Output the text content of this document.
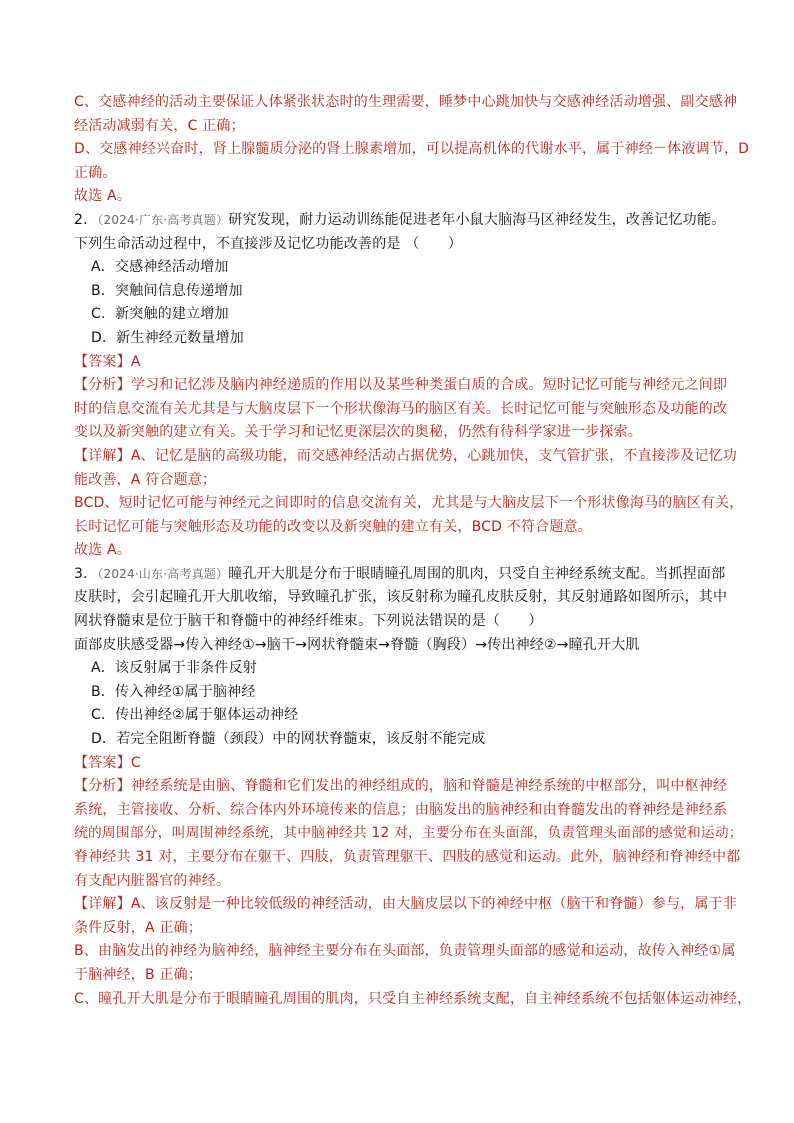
C、交感神经的活动主要保证人体紧张状态时的生理需要，睡梦中心跳加快与交感神经活动增强、副交感神
经活动减弱有关，C 正确；
D、交感神经兴奋时，肾上腺髓质分泌的肾上腺素增加，可以提高机体的代谢水平，属于神经－体液调节，D
正确。
故选 A。
2．（2024·广东·高考真题）研究发现，耐力运动训练能促进老年小鼠大脑海马区神经发生，改善记忆功能。
下列生命活动过程中，不直接涉及记忆功能改善的是 （　　）
A．交感神经活动增加
B．突触间信息传递增加
C．新突触的建立增加
D．新生神经元数量增加
【答案】A
【分析】学习和记忆涉及脑内神经递质的作用以及某些种类蛋白质的合成。短时记忆可能与神经元之间即
时的信息交流有关尤其是与大脑皮层下一个形状像海马的脑区有关。长时记忆可能与突触形态及功能的改
变以及新突触的建立有关。关于学习和记忆更深层次的奥秘，仍然有待科学家进一步探索。
【详解】A、记忆是脑的高级功能，而交感神经活动占据优势，心跳加快，支气管扩张，不直接涉及记忆功
能改善，A 符合题意；
BCD、短时记忆可能与神经元之间即时的信息交流有关，尤其是与大脑皮层下一个形状像海马的脑区有关，
长时记忆可能与突触形态及功能的改变以及新突触的建立有关，BCD 不符合题意。
故选 A。
3．（2024·山东·高考真题）瞳孔开大肌是分布于眼睛瞳孔周围的肌肉，只受自主神经系统支配。当抓捏面部
皮肤时，会引起瞳孔开大肌收缩，导致瞳孔扩张，该反射称为瞳孔皮肤反射，其反射通路如图所示，其中
网状脊髓束是位于脑干和脊髓中的神经纤维束。下列说法错误的是（　　）
面部皮肤感受器→传入神经①→脑干→网状脊髓束→脊髓（胸段）→传出神经②→瞳孔开大肌
A．该反射属于非条件反射
B．传入神经①属于脑神经
C．传出神经②属于躯体运动神经
D．若完全阻断脊髓（颈段）中的网状脊髓束，该反射不能完成
【答案】C
【分析】神经系统是由脑、脊髓和它们发出的神经组成的，脑和脊髓是神经系统的中枢部分，叫中枢神经
系统，主管接收、分析、综合体内外环境传来的信息；由脑发出的脑神经和由脊髓发出的脊神经是神经系
统的周围部分，叫周围神经系统，其中脑神经共 12 对，主要分布在头面部，负责管理头面部的感觉和运动；
脊神经共 31 对，主要分布在躯干、四肢，负责管理躯干、四肢的感觉和运动。此外，脑神经和脊神经中都
有支配内脏器官的神经。
【详解】A、该反射是一种比较低级的神经活动，由大脑皮层以下的神经中枢（脑干和脊髓）参与，属于非
条件反射，A 正确；
B、由脑发出的神经为脑神经，脑神经主要分布在头面部，负责管理头面部的感觉和运动，故传入神经①属
于脑神经，B 正确；
C、瞳孔开大肌是分布于眼睛瞳孔周围的肌肉，只受自主神经系统支配，自主神经系统不包括躯体运动神经，
